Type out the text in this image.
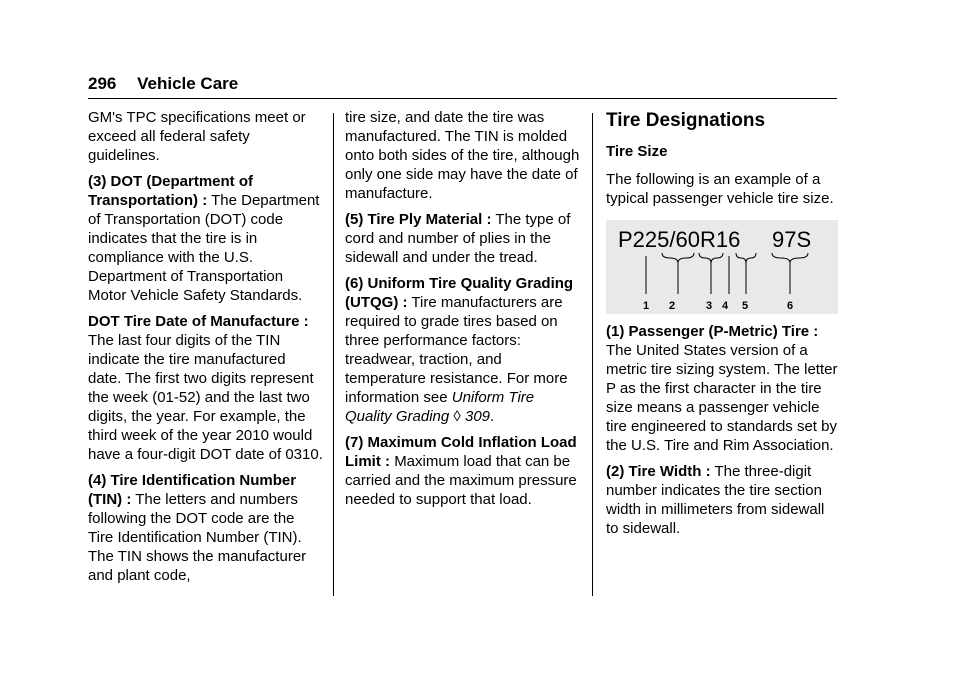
296 Vehicle Care

GM's TPC specifications meet or exceed all federal safety guidelines.

(3) DOT (Department of Transportation) : The Department of Transportation (DOT) code indicates that the tire is in compliance with the U.S. Department of Transportation Motor Vehicle Safety Standards.

DOT Tire Date of Manufacture : The last four digits of the TIN indicate the tire manufactured date. The first two digits represent the week (01-52) and the last two digits, the year. For example, the third week of the year 2010 would have a four-digit DOT date of 0310.

(4) Tire Identification Number (TIN) : The letters and numbers following the DOT code are the Tire Identification Number (TIN). The TIN shows the manufacturer and plant code,

tire size, and date the tire was manufactured. The TIN is molded onto both sides of the tire, although only one side may have the date of manufacture.

(5) Tire Ply Material : The type of cord and number of plies in the sidewall and under the tread.

(6) Uniform Tire Quality Grading (UTQG) : Tire manufacturers are required to grade tires based on three performance factors: treadwear, traction, and temperature resistance. For more information see Uniform Tire Quality Grading ◊ 309.

(7) Maximum Cold Inflation Load Limit : Maximum load that can be carried and the maximum pressure needed to support that load.

Tire Designations

Tire Size

The following is an example of a typical passenger vehicle tire size.

P225/60R16 97S
1 2	3 4 5	6

(1) Passenger (P-Metric) Tire : The United States version of a metric tire sizing system. The letter P as the first character in the tire size means a passenger vehicle tire engineered to standards set by the U.S. Tire and Rim Association.

(2) Tire Width : The three-digit number indicates the tire section width in millimeters from sidewall to sidewall.
